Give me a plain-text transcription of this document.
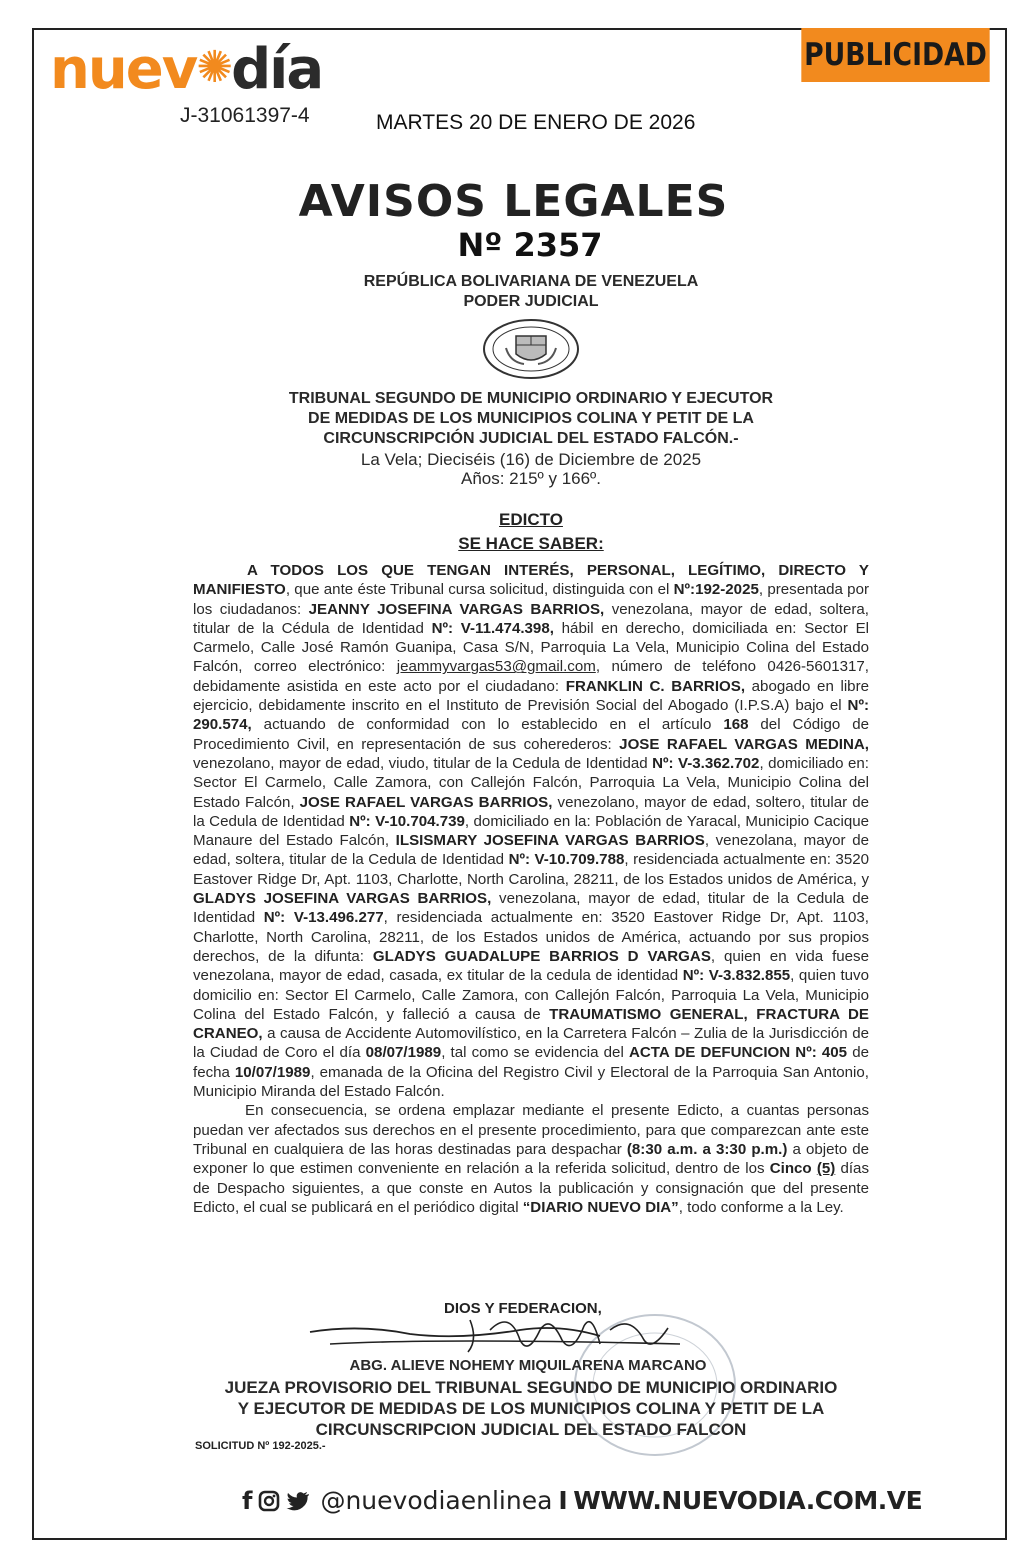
nuev✺día
J-31061397-4
PUBLICIDAD
MARTES 20 DE ENERO DE 2026
AVISOS LEGALES
Nº 2357
REPÚBLICA BOLIVARIANA DE VENEZUELA
PODER JUDICIAL
TRIBUNAL SEGUNDO DE MUNICIPIO ORDINARIO Y EJECUTOR
DE MEDIDAS DE LOS MUNICIPIOS COLINA Y PETIT DE LA
CIRCUNSCRIPCIÓN JUDICIAL DEL ESTADO FALCÓN.-
La Vela; Dieciséis (16) de Diciembre de 2025
Años: 215º y 166º.
EDICTO
SE HACE SABER:

A TODOS LOS QUE TENGAN INTERÉS, PERSONAL, LEGÍTIMO, DIRECTO Y MANIFIESTO, que ante éste Tribunal cursa solicitud, distinguida con el Nº:192-2025, presentada por los ciudadanos: JEANNY JOSEFINA VARGAS BARRIOS, venezolana, mayor de edad, soltera, titular de la Cédula de Identidad Nº: V-11.474.398, hábil en derecho, domiciliada en: Sector El Carmelo, Calle José Ramón Guanipa, Casa S/N, Parroquia La Vela, Municipio Colina del Estado Falcón, correo electrónico: jeammyvargas53@gmail.com, número de teléfono 0426-5601317, debidamente asistida en este acto por el ciudadano: FRANKLIN C. BARRIOS, abogado en libre ejercicio, debidamente inscrito en el Instituto de Previsión Social del Abogado (I.P.S.A) bajo el Nº: 290.574, actuando de conformidad con lo establecido en el artículo 168 del Código de Procedimiento Civil, en representación de sus coherederos: JOSE RAFAEL VARGAS MEDINA, venezolano, mayor de edad, viudo, titular de la Cedula de Identidad Nº: V-3.362.702, domiciliado en: Sector El Carmelo, Calle Zamora, con Callejón Falcón, Parroquia La Vela, Municipio Colina del Estado Falcón, JOSE RAFAEL VARGAS BARRIOS, venezolano, mayor de edad, soltero, titular de la Cedula de Identidad Nº: V-10.704.739, domiciliado en la: Población de Yaracal, Municipio Cacique Manaure del Estado Falcón, ILSISMARY JOSEFINA VARGAS BARRIOS, venezolana, mayor de edad, soltera, titular de la Cedula de Identidad Nº: V-10.709.788, residenciada actualmente en: 3520 Eastover Ridge Dr, Apt. 1103, Charlotte, North Carolina, 28211, de los Estados unidos de América, y GLADYS JOSEFINA VARGAS BARRIOS, venezolana, mayor de edad, titular de la Cedula de Identidad Nº: V-13.496.277, residenciada actualmente en: 3520 Eastover Ridge Dr, Apt. 1103, Charlotte, North Carolina, 28211, de los Estados unidos de América, actuando por sus propios derechos, de la difunta: GLADYS GUADALUPE BARRIOS D VARGAS, quien en vida fuese venezolana, mayor de edad, casada, ex titular de la cedula de identidad Nº: V-3.832.855, quien tuvo domicilio en: Sector El Carmelo, Calle Zamora, con Callejón Falcón, Parroquia La Vela, Municipio Colina del Estado Falcón, y falleció a causa de TRAUMATISMO GENERAL, FRACTURA DE CRANEO, a causa de Accidente Automovilístico, en la Carretera Falcón – Zulia de la Jurisdicción de la Ciudad de Coro el día 08/07/1989, tal como se evidencia del ACTA DE DEFUNCION Nº: 405 de fecha 10/07/1989, emanada de la Oficina del Registro Civil y Electoral de la Parroquia San Antonio, Municipio Miranda del Estado Falcón.

En consecuencia, se ordena emplazar mediante el presente Edicto, a cuantas personas puedan ver afectados sus derechos en el presente procedimiento, para que comparezcan ante este Tribunal en cualquiera de las horas destinadas para despachar (8:30 a.m. a 3:30 p.m.) a objeto de exponer lo que estimen conveniente en relación a la referida solicitud, dentro de los Cinco (5) días de Despacho siguientes, a que conste en Autos la publicación y consignación que del presente Edicto, el cual se publicará en el periódico digital “DIARIO NUEVO DIA”, todo conforme a la Ley.

DIOS Y FEDERACION,
ABG. ALIEVE NOHEMY MIQUILARENA MARCANO
JUEZA PROVISORIO DEL TRIBUNAL SEGUNDO DE MUNICIPIO ORDINARIO
Y EJECUTOR DE MEDIDAS DE LOS MUNICIPIOS COLINA Y PETIT DE LA
CIRCUNSCRIPCION JUDICIAL DEL ESTADO FALCON
SOLICITUD Nº 192-2025.-
f	@nuevodiaenlinea I WWW.NUEVODIA.COM.VE
